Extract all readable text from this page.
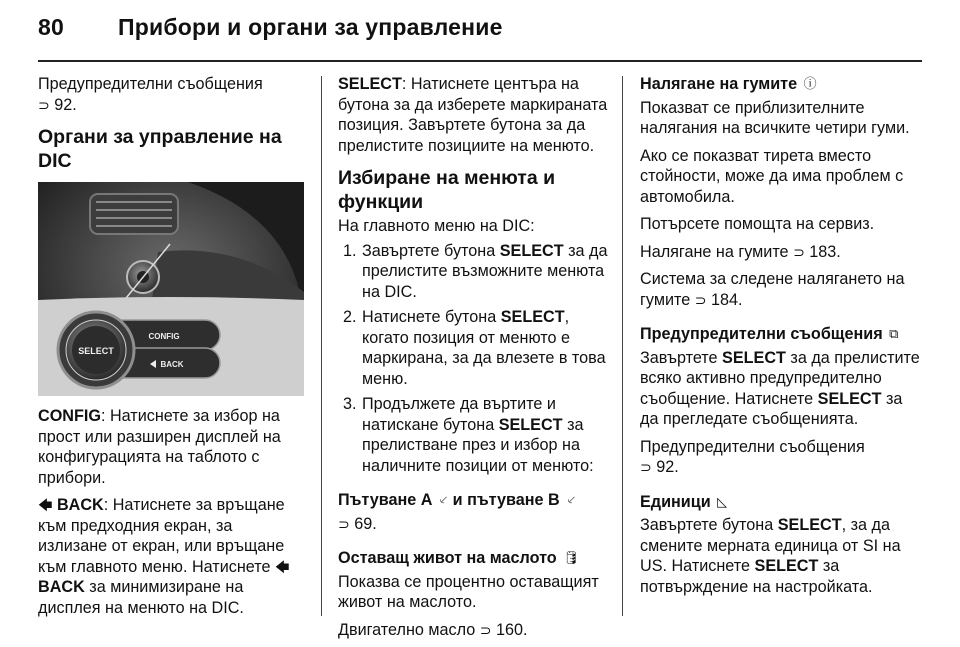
80 Прибори и органи за управление

Предупредителни съобщения
⊃ 92.

Органи за управление на DIC
SELECT
CONFIG
BACK

CONFIG: Натиснете за избор на прост или разширен дисплей на конфигурацията на таблото с прибори.

🡄 BACK: Натиснете за връщане към предходния екран, за излизане от екран, или връщане към главното меню. Натиснете 🡄
BACK за минимизиране на дисплея на менюто на DIC.

SELECT: Натиснете центъра на бутона за да изберете маркираната позиция. Завъртете бутона за да прелистите позициите на менюто.

Избиране на менюта и функции

На главното меню на DIC:

1. Завъртете бутона SELECT за да прелистите възможните менюта на DIC.
2. Натиснете бутона SELECT, когато позиция от менюто е маркирана, за да влезете в това меню.
3. Продължете да въртите и натискане бутона SELECT за прелистване през и избор на наличните позиции от менюто:
Пътуване A ⸔ и пътуване B ⸔

⊃ 69.

Оставащ живот на маслото 🛢

Показва се процентно оставащият живот на маслото.

Двигателно масло ⊃ 160.

Налягане на гумите ⓘ

Показват се приблизителните налягания на всичките четири гуми.

Ако се показват тирета вместо стойности, може да има проблем с автомобила.

Потърсете помощта на сервиз.

Налягане на гумите ⊃ 183.

Система за следене налягането на гумите ⊃ 184.

Предупредителни съобщения ⧉

Завъртете SELECT за да прелистите всяко активно предупредително съобщение. Натиснете SELECT за да прегледате съобщенията.

Предупредителни съобщения
⊃ 92.

Единици ◺

Завъртете бутона SELECT, за да смените мерната единица от SI на US. Натиснете SELECT за потвърждение на настройката.
